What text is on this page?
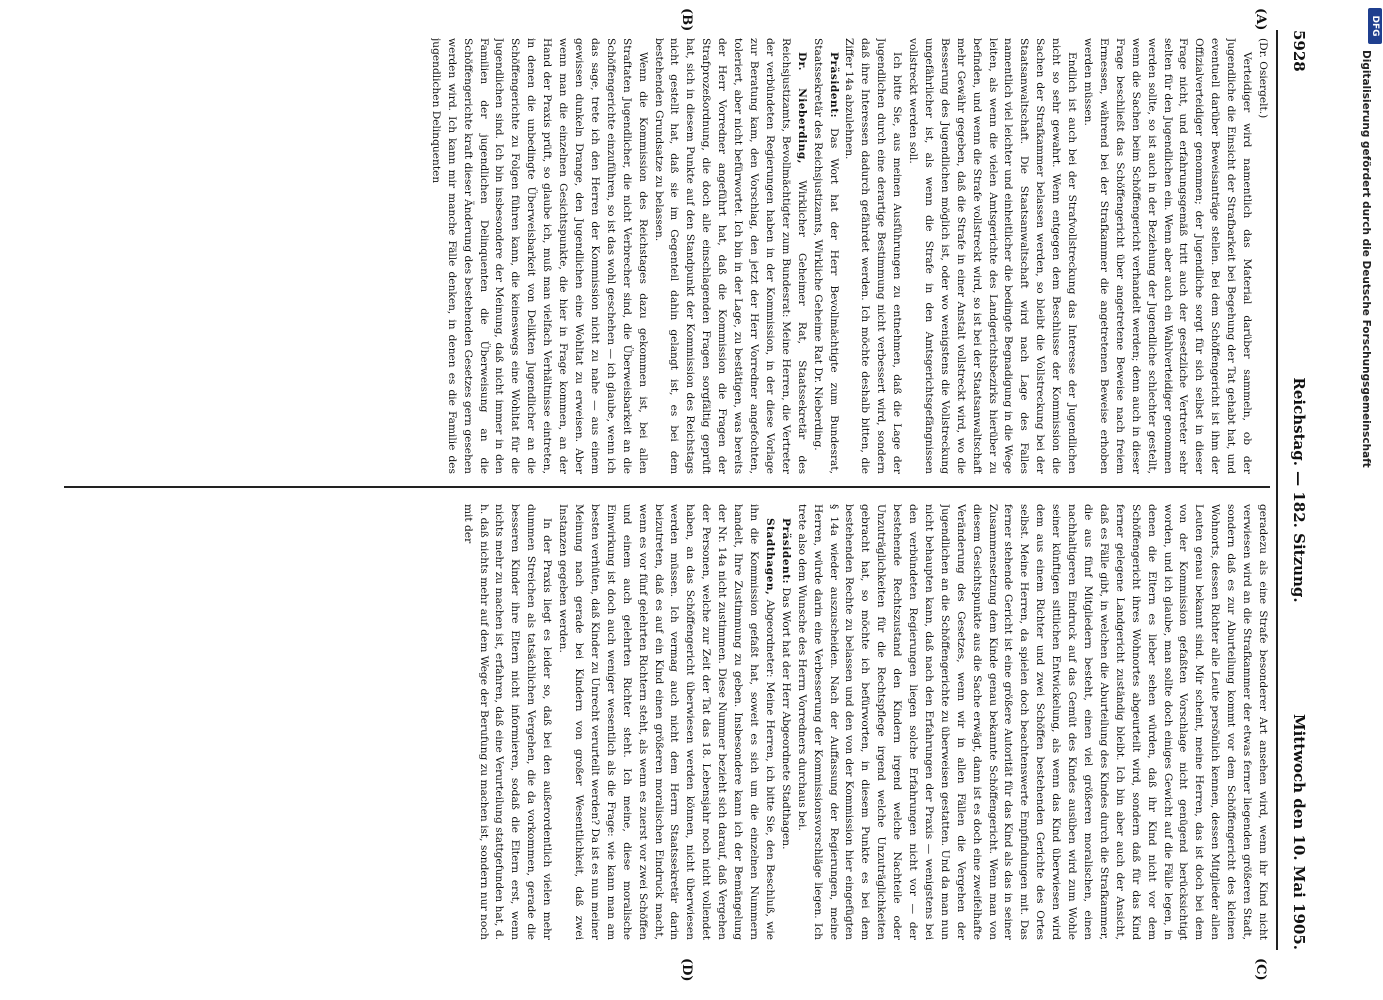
5928
Reichstag. — 182. Sitzung.
Mittwoch den 10. Mai 1905.
(A)
(B)
(C)
(D)

(Dr. Osiergelt.)

Verteidiger wird namentlich das Material darüber sammeln, ob der Jugendliche die Einsicht der Strafbarkeit bei Begehung der Tat gehabt hat, und eventuell darüber Beweisanträge stellen. Bei dem Schöffengericht ist ihm der Offizialverteidiger genommen; der Jugendliche sorgt für sich selbst in dieser Frage nicht, und erfahrungsgemäß tritt auch der gesetzliche Vertreter sehr selten für den Jugendlichen ein. Wenn aber auch ein Wahlverteidiger genommen werden sollte, so ist auch in der Beziehung der Jugendliche schlechter gestellt, wenn die Sachen beim Schöffengericht verhandelt werden; denn auch in dieser Frage beschließt das Schöffengericht über angetretene Beweise nach freiem Ermessen, während bei der Strafkammer die angetretenen Beweise erhoben werden müssen.

Endlich ist auch bei der Strafvollstreckung das Interesse der Jugendlichen nicht so sehr gewahrt. Wenn entgegen dem Beschlusse der Kommission die Sachen der Strafkammer belassen werden, so bleibt die Vollstreckung bei der Staatsanwaltschaft. Die Staatsanwaltschaft wird nach Lage des Falles namentlich viel leichter und einheitlicher die bedingte Begnadigung in die Wege leiten, als wenn die vielen Amtsgerichte des Landgerichtsbezirks hierüber zu befinden, und wenn die Strafe vollstreckt wird, so ist bei der Staatsanwaltschaft mehr Gewähr gegeben, daß die Strafe in einer Anstalt vollstreckt wird, wo die Besserung des Jugendlichen möglich ist, oder wo wenigstens die Vollstreckung ungefährlicher ist, als wenn die Strafe in den Amtsgerichtsgefängnissen vollstreckt werden soll.

Ich bitte Sie, aus meinen Ausführungen zu entnehmen, daß die Lage der Jugendlichen durch eine derartige Bestimmung nicht verbessert wird, sondern daß ihre Interessen dadurch gefährdet werden. Ich möchte deshalb bitten, die Ziffer 14a abzulehnen.

Präsident: Das Wort hat der Herr Bevollmächtigte zum Bundesrat, Staatssekretär des Reichsjustizamts, Wirkliche Geheime Rat Dr. Nieberding.

Dr. Nieberding, Wirklicher Geheimer Rat, Staatssekretär des Reichsjustizamts, Bevollmächtigter zum Bundesrat: Meine Herren, die Vertreter der verbündeten Regierungen haben in der Kommission, in der diese Vorlage zur Beratung kam, den Vorschlag, den jetzt der Herr Vorredner angefochten, toleriert, aber nicht befürwortet. Ich bin in der Lage, zu bestätigen, was bereits der Herr Vorredner angeführt hat, daß die Kommission die Fragen der Strafprozeßordnung, die doch alle einschlagenden Fragen sorgfältig geprüft hat, sich in diesem Punkte auf den Standpunkt der Kommission des Reichstags nicht gestellt hat, daß sie im Gegenteil dahin gelangt ist, es bei dem bestehenden Grundsatze zu belassen.

Wenn die Kommission des Reichstages dazu gekommen ist, bei allen Straftaten Jugendlicher, die nicht Verbrecher sind, die Überweisbarkeit an die Schöffengerichte einzuführen, so ist das wohl geschehen — ich glaube, wenn ich das sage, trete ich den Herren der Kommission nicht zu nahe — aus einem gewissen dunkeln Drange, den Jugendlichen eine Wohltat zu erweisen. Aber wenn man die einzelnen Gesichtspunkte, die hier in Frage kommen, an der Hand der Praxis prüft, so glaube ich, muß man vielfach Verhältnisse eintreten, in denen die unbedingte Überweisbarkeit von Delikten Jugendlicher an die Schöffengerichte zu Folgen führen kann, die keineswegs eine Wohltat für die Jugendlichen sind. Ich bin insbesondere der Meinung, daß nicht immer in den Familien der jugendlichen Delinquenten die Überweisung an die Schöffengerichte kraft dieser Änderung des bestehenden Gesetzes gern gesehen werden wird. Ich kann mir manche Fälle denken, in denen es die Familie des jugendlichen Delinquenten

geradezu als eine Strafe besonderer Art ansehen wird, wenn ihr Kind nicht verwiesen wird an die Strafkammer der etwas ferner liegenden größeren Stadt, sondern daß es zur Aburteilung kommt vor dem Schöffengericht des kleinen Wohnorts, dessen Richter alle Leute persönlich kennen, dessen Mitglieder allen Leuten genau bekannt sind. Mir scheint, meine Herren, das ist doch bei dem von der Kommission gefaßten Vorschlage nicht genügend berücksichtigt worden, und ich glaube, man sollte doch einiges Gewicht auf die Fälle legen, in denen die Eltern es lieber sehen würden, daß ihr Kind nicht vor dem Schöffengericht ihres Wohnortes abgeurteilt wird, sondern daß für das Kind ferner gelegene Landgericht zuständig bleibt. Ich bin aber auch der Ansicht, daß es Fälle gibt, in welchen die Aburteilung des Kindes durch die Strafkammer, die aus fünf Mitgliedern besteht, einen viel größeren moralischen, einen nachhaltigeren Eindruck auf das Gemüt des Kindes ausüben wird zum Wohle seiner künftigen sittlichen Entwickelung, als wenn das Kind überwiesen wird dem aus einem Richter und zwei Schöffen bestehenden Gerichte des Ortes selbst. Meine Herren, da spielen doch beachtenswerte Empfindungen mit. Das ferner stehende Gericht ist eine größere Autorität für das Kind als das in seiner Zusammensetzung dem Kinde genau bekannte Schöffengericht. Wenn man von diesem Gesichtspunkte aus die Sache erwägt, dann ist es doch eine zweifelhafte Veränderung des Gesetzes, wenn wir in allen Fällen die Vergehen der Jugendlichen an die Schöffengerichte zu überweisen gestatten. Und da man nun nicht behaupten kann, daß nach den Erfahrungen der Praxis — wenigstens bei den verbündeten Regierungen liegen solche Erfahrungen nicht vor — der bestehende Rechtszustand den Kindern irgend welche Nachteile oder Unzuträglichkeiten für die Rechtspflege irgend welche Unzuträglichkeiten gebracht hat, so möchte ich befürworten, in diesem Punkte es bei dem bestehenden Rechte zu belassen und den von der Kommission hier eingefügten § 14a wieder auszuscheiden. Nach der Auffassung der Regierungen, meine Herren, würde darin eine Verbesserung der Kommissionsvorschläge liegen. Ich trete also dem Wunsche des Herrn Vorredners durchaus bei.

Präsident: Das Wort hat der Herr Abgeordnete Stadthagen.

Stadthagen, Abgeordneter: Meine Herren, ich bitte Sie, den Beschluß, wie ihn die Kommission gefaßt hat, soweit es sich um die einzelnen Nummern handelt, Ihre Zustimmung zu geben. Insbesondere kann ich der Bemängelung der Nr. 14a nicht zustimmen. Diese Nummer bezieht sich darauf, daß Vergehen der Personen, welche zur Zeit der Tat das 18. Lebensjahr noch nicht vollendet haben, an das Schöffengericht überwiesen werden können, nicht überwiesen werden müssen. Ich vermag auch nicht dem Herrn Staatssekretär darin beizutreten, daß es auf ein Kind einen größeren moralischen Eindruck macht, wenn es vor fünf gelehrten Richtern steht, als wenn es zuerst vor zwei Schöffen und einem auch gelehrten Richter steht. Ich meine, diese moralische Einwirkung ist doch auch weniger wesentlich als die Frage: wie kann man am besten verhüten, daß Kinder zu Unrecht verurteilt werden? Da ist es nun meiner Meinung nach gerade bei Kindern von großer Wesentlichkeit, daß zwei Instanzen gegeben werden.

In der Praxis liegt es leider so, daß bei den außerordentlich vielen mehr dummen Streichen als tatsächlichen Vergehen, die da vorkommen, gerade die besseren Kinder ihre Eltern nicht informieren, sodaß die Eltern erst, wenn nichts mehr zu machen ist, erfahren, daß eine Verurteilung stattgefunden hat, d. h. daß nichts mehr auf dem Wege der Berufung zu machen ist, sondern nur noch mit der

DFG
Digitalisierung gefördert durch die Deutsche Forschungsgemeinschaft
